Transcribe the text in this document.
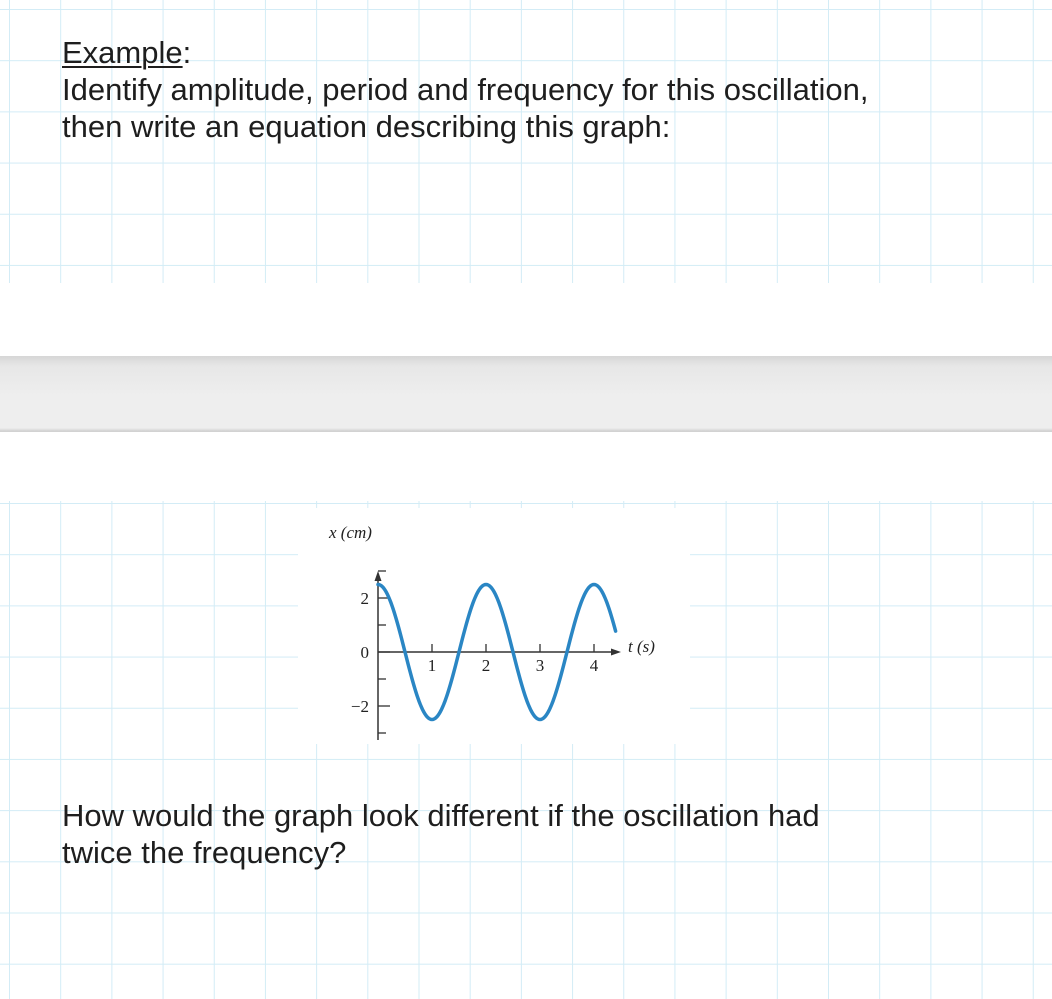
Example:
Identify amplitude, period and frequency for this oscillation,
then write an equation describing this graph:
How would the graph look different if the oscillation had
twice the frequency?
x (cm)
t (s)
2
0
−2
1	2	3	4
